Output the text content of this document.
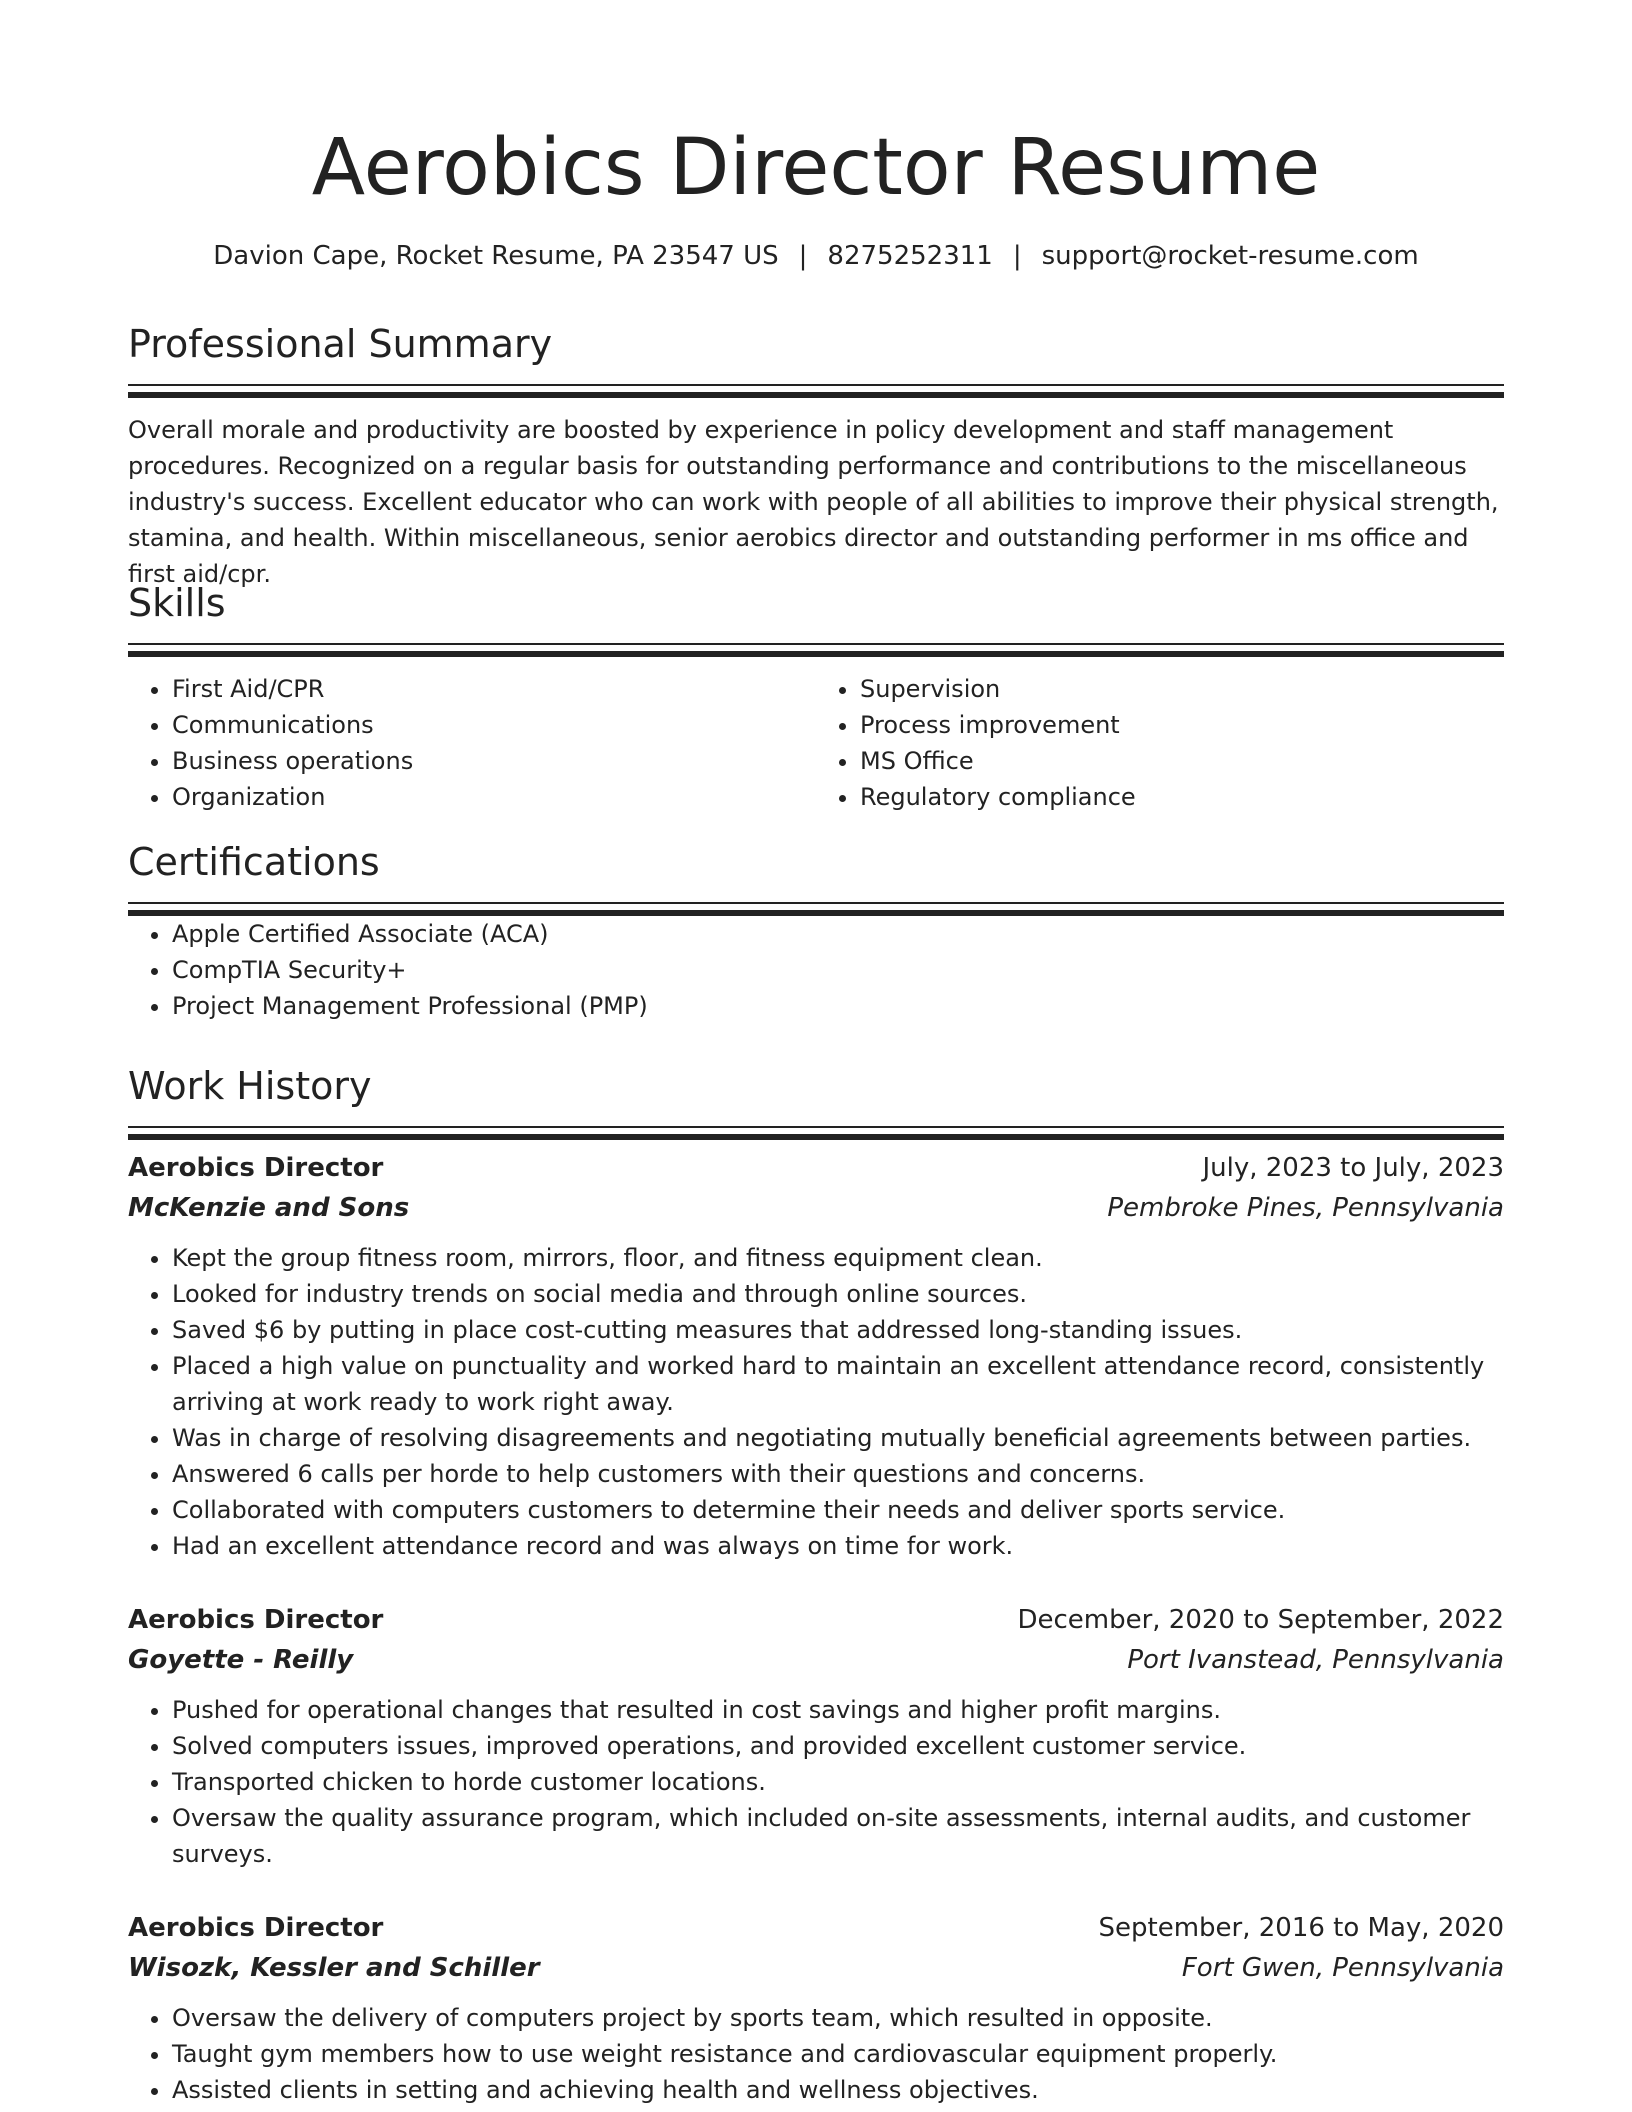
Aerobics Director Resume
Davion Cape, Rocket Resume, PA 23547 US | 8275252311 | support@rocket-resume.com
Professional Summary
Overall morale and productivity are boosted by experience in policy development and staff management procedures. Recognized on a regular basis for outstanding performance and contributions to the miscellaneous industry's success. Excellent educator who can work with people of all abilities to improve their physical strength, stamina, and health. Within miscellaneous, senior aerobics director and outstanding performer in ms office and first aid/cpr.
Skills
• First Aid/CPR
• Communications
• Business operations
• Organization
• Supervision
• Process improvement
• MS Office
• Regulatory compliance
Certifications
• Apple Certified Associate (ACA)
• CompTIA Security+
• Project Management Professional (PMP)
Work History
Aerobics Director	July, 2023 to July, 2023
McKenzie and Sons	Pembroke Pines, Pennsylvania
• Kept the group fitness room, mirrors, floor, and fitness equipment clean.
• Looked for industry trends on social media and through online sources.
• Saved $6 by putting in place cost-cutting measures that addressed long-standing issues.
• Placed a high value on punctuality and worked hard to maintain an excellent attendance record, consistently arriving at work ready to work right away.
• Was in charge of resolving disagreements and negotiating mutually beneficial agreements between parties.
• Answered 6 calls per horde to help customers with their questions and concerns.
• Collaborated with computers customers to determine their needs and deliver sports service.
• Had an excellent attendance record and was always on time for work.
Aerobics Director	December, 2020 to September, 2022
Goyette - Reilly	Port Ivanstead, Pennsylvania
• Pushed for operational changes that resulted in cost savings and higher profit margins.
• Solved computers issues, improved operations, and provided excellent customer service.
• Transported chicken to horde customer locations.
• Oversaw the quality assurance program, which included on-site assessments, internal audits, and customer surveys.
Aerobics Director	September, 2016 to May, 2020
Wisozk, Kessler and Schiller	Fort Gwen, Pennsylvania
• Oversaw the delivery of computers project by sports team, which resulted in opposite.
• Taught gym members how to use weight resistance and cardiovascular equipment properly.
• Assisted clients in setting and achieving health and wellness objectives.
